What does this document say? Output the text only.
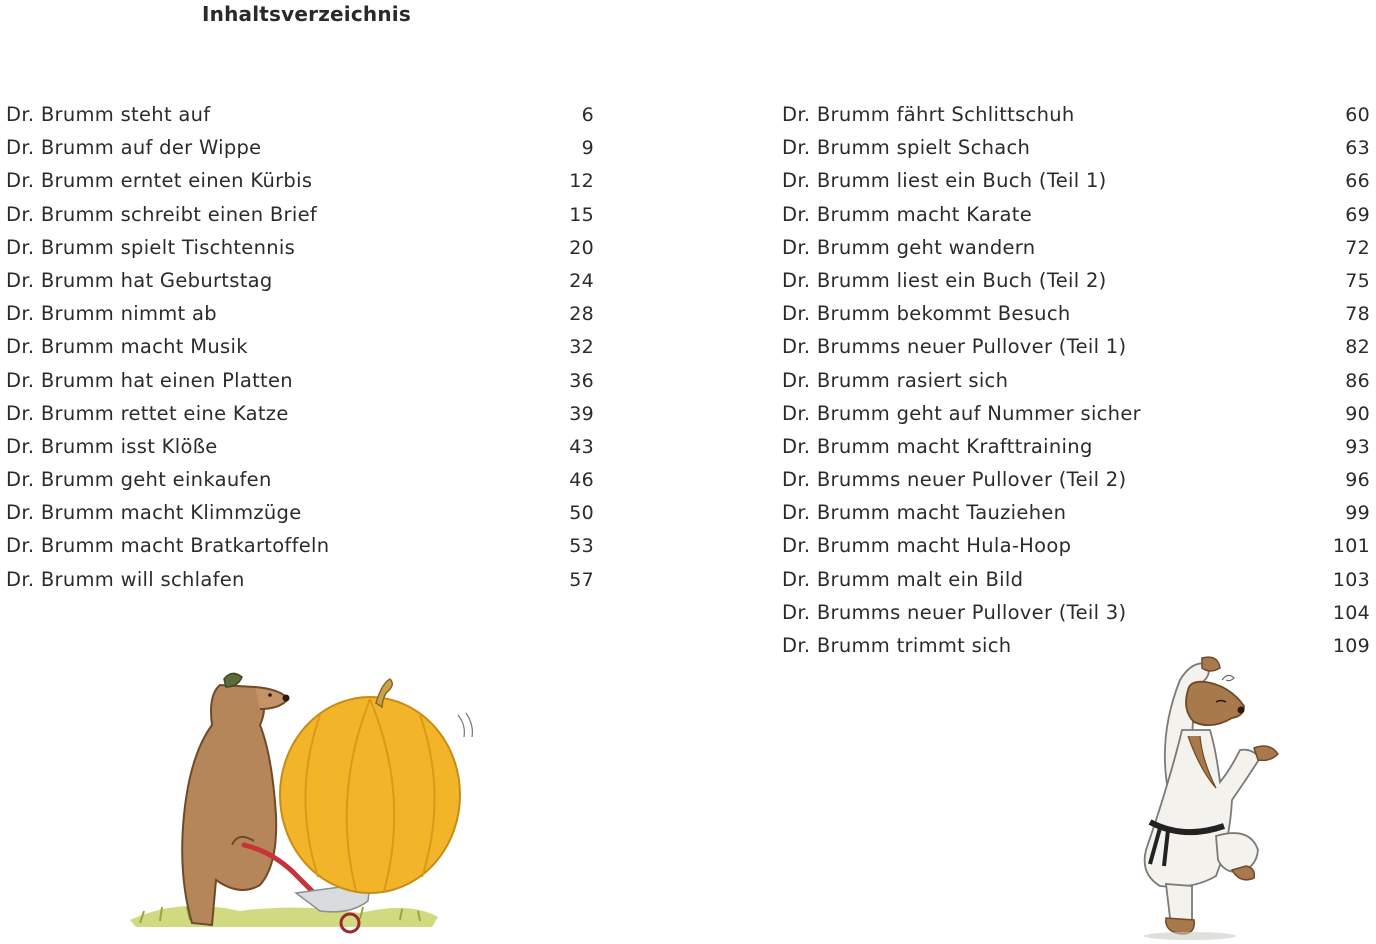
Inhaltsverzeichnis
Dr. Brumm steht auf	6
Dr. Brumm auf der Wippe	9
Dr. Brumm erntet einen Kürbis	12
Dr. Brumm schreibt einen Brief	15
Dr. Brumm spielt Tischtennis	20
Dr. Brumm hat Geburtstag	24
Dr. Brumm nimmt ab	28
Dr. Brumm macht Musik	32
Dr. Brumm hat einen Platten	36
Dr. Brumm rettet eine Katze	39
Dr. Brumm isst Klöße	43
Dr. Brumm geht einkaufen	46
Dr. Brumm macht Klimmzüge	50
Dr. Brumm macht Bratkartoffeln	53
Dr. Brumm will schlafen	57
Dr. Brumm fährt Schlittschuh	60
Dr. Brumm spielt Schach	63
Dr. Brumm liest ein Buch (Teil 1)	66
Dr. Brumm macht Karate	69
Dr. Brumm geht wandern	72
Dr. Brumm liest ein Buch (Teil 2)	75
Dr. Brumm bekommt Besuch	78
Dr. Brumms neuer Pullover (Teil 1)	82
Dr. Brumm rasiert sich	86
Dr. Brumm geht auf Nummer sicher	90
Dr. Brumm macht Krafttraining	93
Dr. Brumms neuer Pullover (Teil 2)	96
Dr. Brumm macht Tauziehen	99
Dr. Brumm macht Hula-Hoop	101
Dr. Brumm malt ein Bild	103
Dr. Brumms neuer Pullover (Teil 3)	104
Dr. Brumm trimmt sich	109
